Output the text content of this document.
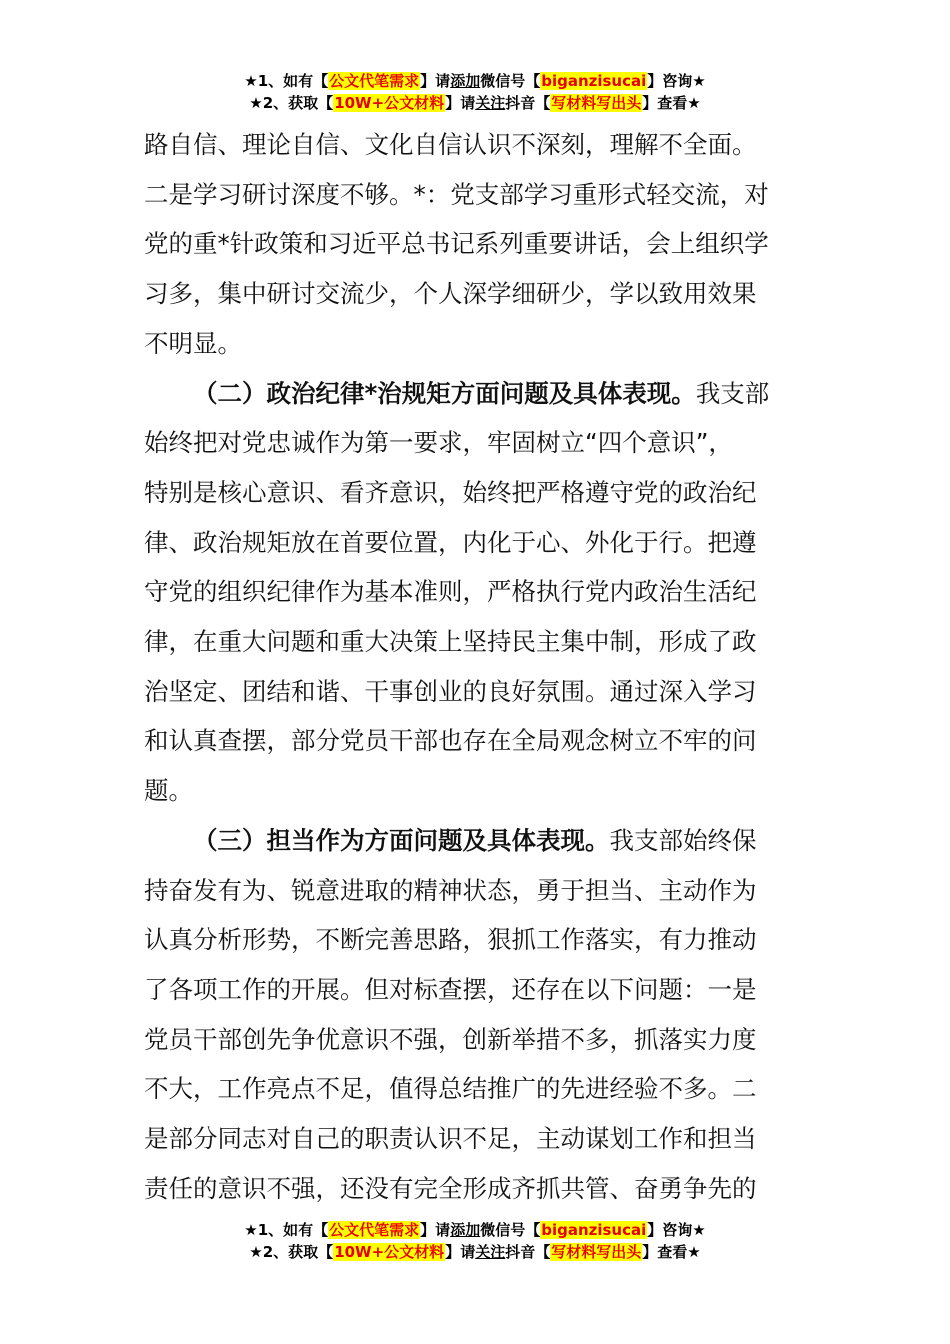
★1、如有【公文代笔需求】请添加微信号【biganzisucai】咨询★
★2、获取【10W+公文材料】请关注抖音【写材料写出头】查看★

路自信、理论自信、文化自信认识不深刻，理解不全面。
二是学习研讨深度不够。*：党支部学习重形式轻交流，对
党的重*针政策和习近平总书记系列重要讲话，会上组织学
习多，集中研讨交流少，个人深学细研少，学以致用效果
不明显。

（二）政治纪律*治规矩方面问题及具体表现。我支部
始终把对党忠诚作为第一要求，牢固树立“四个意识”，
特别是核心意识、看齐意识，始终把严格遵守党的政治纪
律、政治规矩放在首要位置，内化于心、外化于行。把遵
守党的组织纪律作为基本准则，严格执行党内政治生活纪
律，在重大问题和重大决策上坚持民主集中制，形成了政
治坚定、团结和谐、干事创业的良好氛围。通过深入学习
和认真查摆，部分党员干部也存在全局观念树立不牢的问
题。

（三）担当作为方面问题及具体表现。我支部始终保
持奋发有为、锐意进取的精神状态，勇于担当、主动作为
认真分析形势，不断完善思路，狠抓工作落实，有力推动
了各项工作的开展。但对标查摆，还存在以下问题：一是
党员干部创先争优意识不强，创新举措不多，抓落实力度
不大，工作亮点不足，值得总结推广的先进经验不多。二
是部分同志对自己的职责认识不足，主动谋划工作和担当
责任的意识不强，还没有完全形成齐抓共管、奋勇争先的

★1、如有【公文代笔需求】请添加微信号【biganzisucai】咨询★
★2、获取【10W+公文材料】请关注抖音【写材料写出头】查看★
